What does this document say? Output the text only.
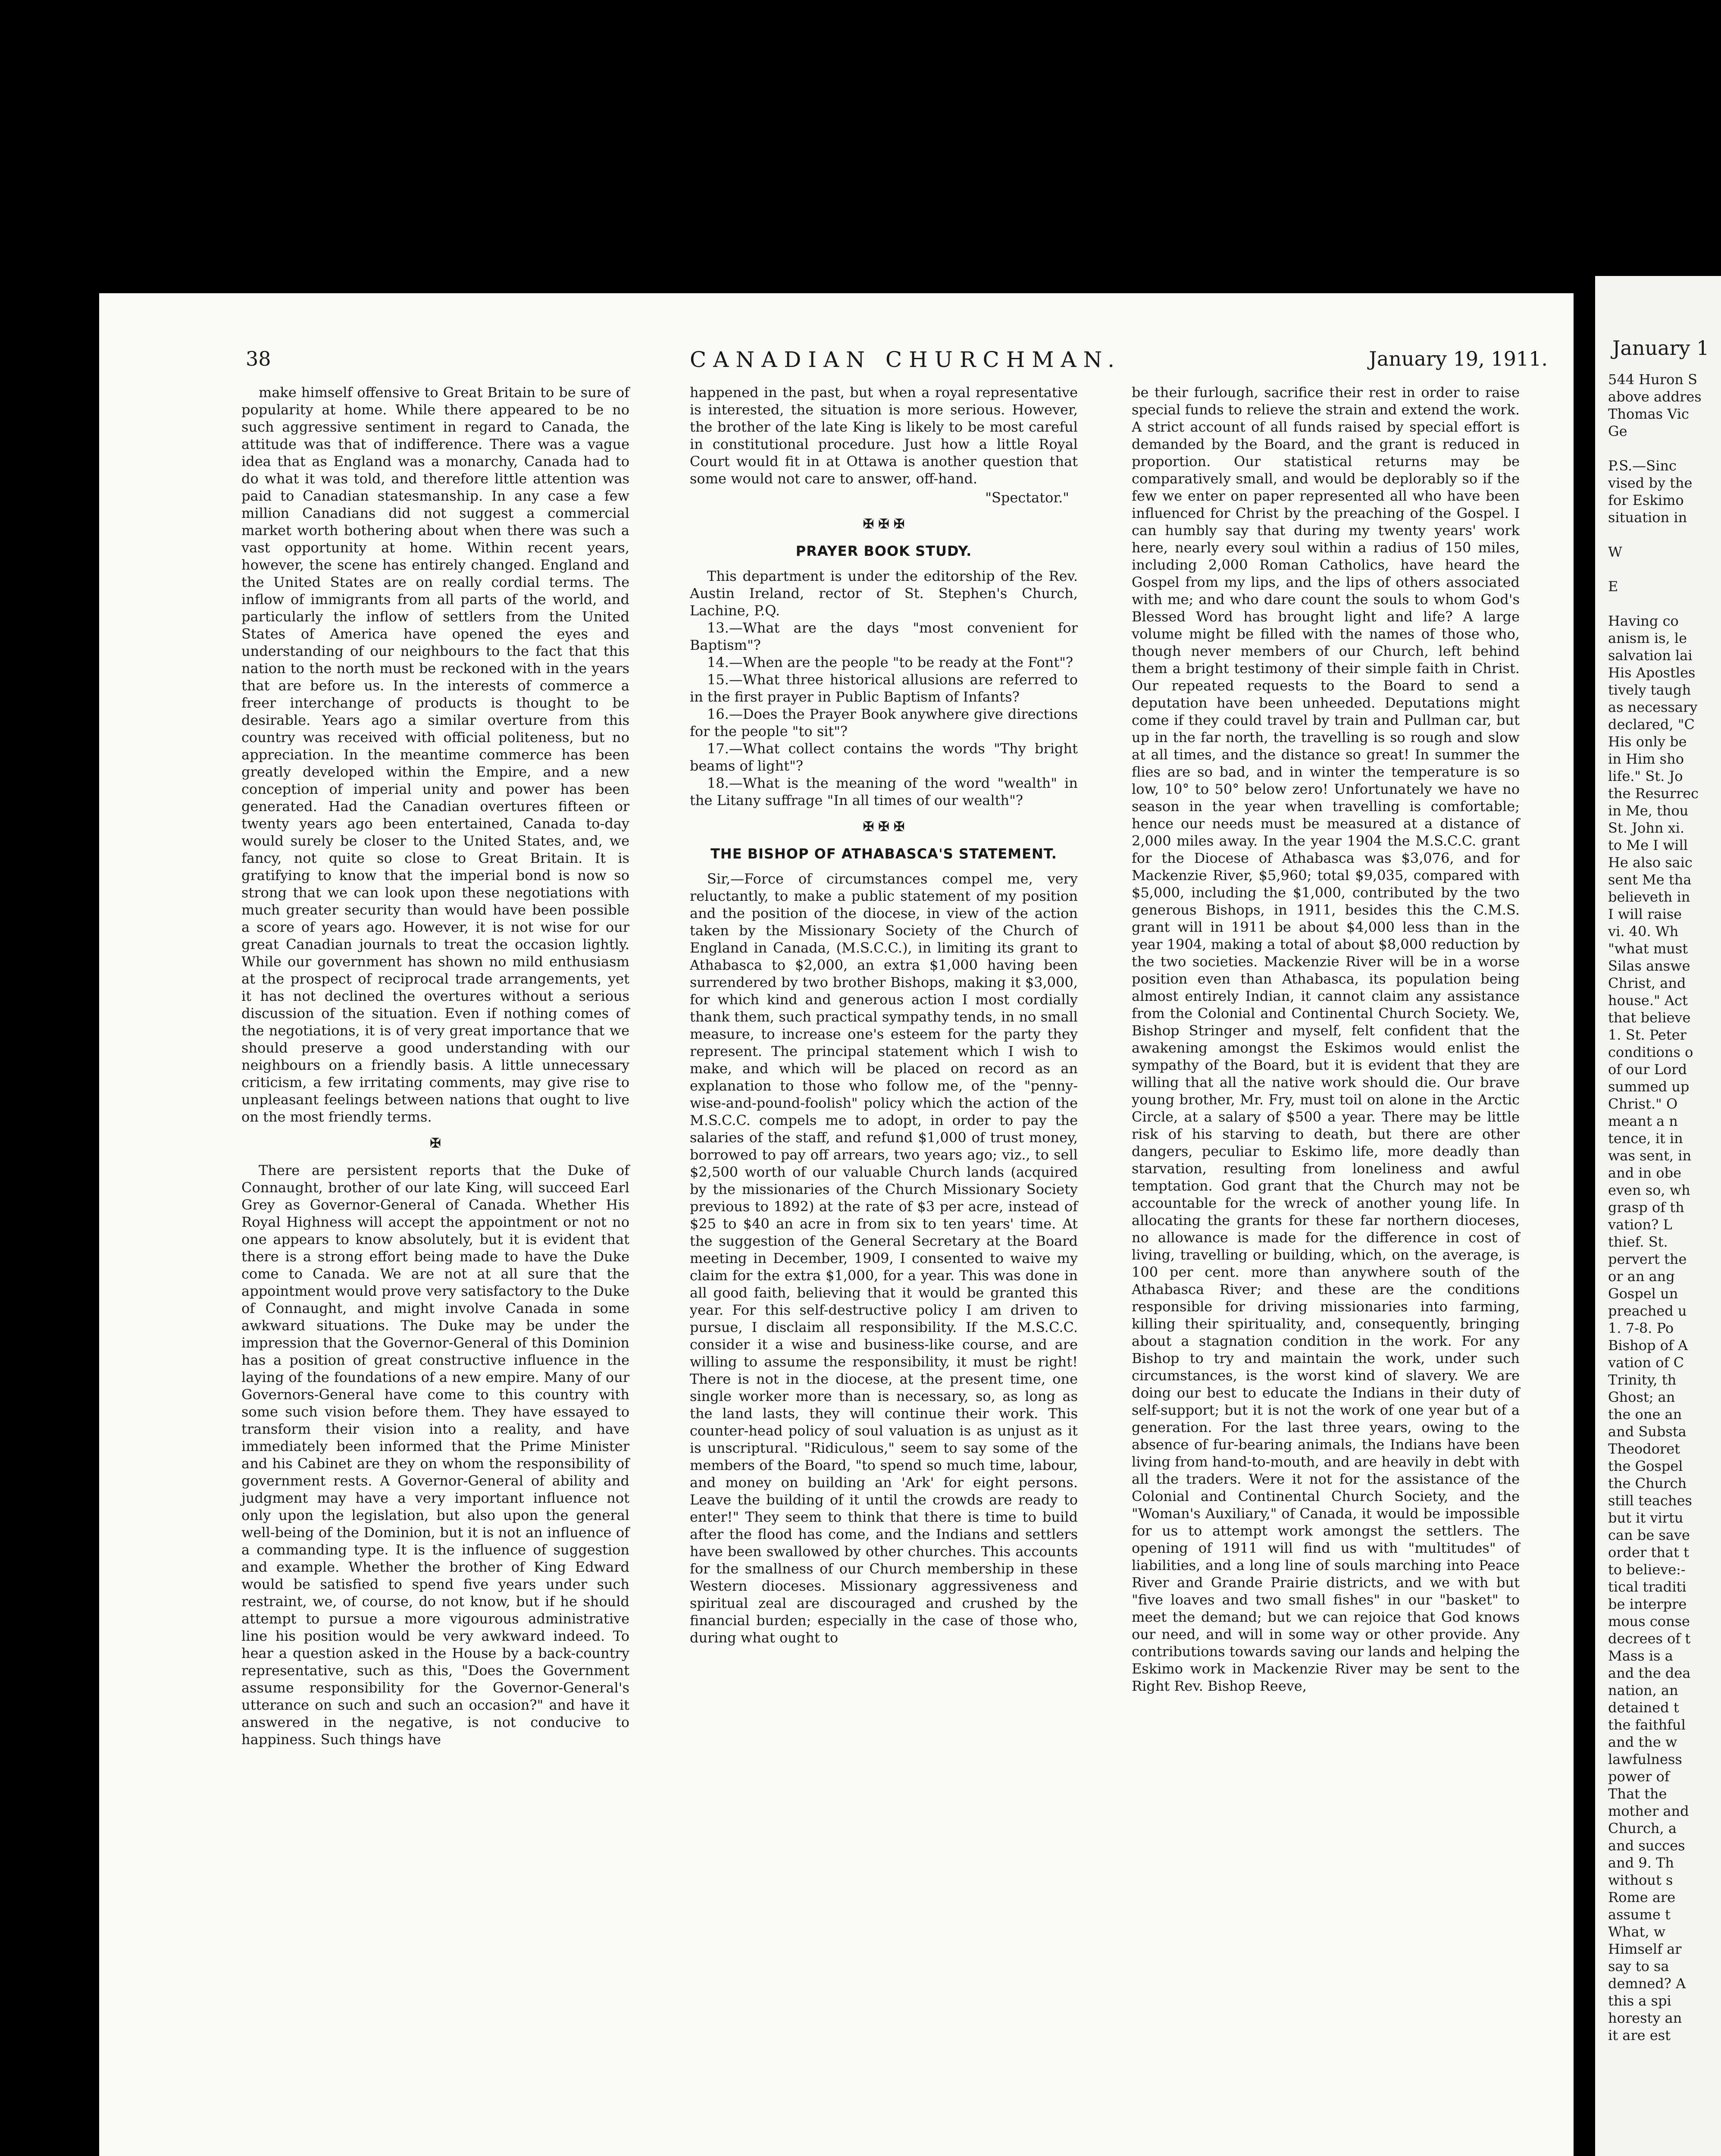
38	CANADIAN CHURCHMAN.	January 19, 1911.

make himself offensive to Great Britain to be sure of popularity at home. While there appeared to be no such aggressive sentiment in regard to Canada, the attitude was that of indifference. There was a vague idea that as England was a monarchy, Canada had to do what it was told, and therefore little attention was paid to Canadian statesmanship. In any case a few million Canadians did not suggest a commercial market worth bothering about when there was such a vast opportunity at home. Within recent years, however, the scene has entirely changed. England and the United States are on really cordial terms. The inflow of immigrants from all parts of the world, and particularly the inflow of settlers from the United States of America have opened the eyes and understanding of our neighbours to the fact that this nation to the north must be reckoned with in the years that are before us. In the interests of commerce a freer interchange of products is thought to be desirable. Years ago a similar overture from this country was received with official politeness, but no appreciation. In the meantime commerce has been greatly developed within the Empire, and a new conception of imperial unity and power has been generated. Had the Canadian overtures fifteen or twenty years ago been entertained, Canada to-day would surely be closer to the United States, and, we fancy, not quite so close to Great Britain. It is gratifying to know that the imperial bond is now so strong that we can look upon these negotiations with much greater security than would have been possible a score of years ago. However, it is not wise for our great Canadian journals to treat the occasion lightly. While our government has shown no mild enthusiasm at the prospect of reciprocal trade arrangements, yet it has not declined the overtures without a serious discussion of the situation. Even if nothing comes of the negotiations, it is of very great importance that we should preserve a good understanding with our neighbours on a friendly basis. A little unnecessary criticism, a few irritating comments, may give rise to unpleasant feelings between nations that ought to live on the most friendly terms.

✠

There are persistent reports that the Duke of Connaught, brother of our late King, will succeed Earl Grey as Governor-General of Canada. Whether His Royal Highness will accept the appointment or not no one appears to know absolutely, but it is evident that there is a strong effort being made to have the Duke come to Canada. We are not at all sure that the appointment would prove very satisfactory to the Duke of Connaught, and might involve Canada in some awkward situations. The Duke may be under the impression that the Governor-General of this Dominion has a position of great constructive influence in the laying of the foundations of a new empire. Many of our Governors-General have come to this country with some such vision before them. They have essayed to transform their vision into a reality, and have immediately been informed that the Prime Minister and his Cabinet are they on whom the responsibility of government rests. A Governor-General of ability and judgment may have a very important influence not only upon the legislation, but also upon the general well-being of the Dominion, but it is not an influence of a commanding type. It is the influence of suggestion and example. Whether the brother of King Edward would be satisfied to spend five years under such restraint, we, of course, do not know, but if he should attempt to pursue a more vigourous administrative line his position would be very awkward indeed. To hear a question asked in the House by a back-country representative, such as this, "Does the Government assume responsibility for the Governor-General's utterance on such and such an occasion?" and have it answered in the negative, is not conducive to happiness. Such things have

happened in the past, but when a royal representative is interested, the situation is more serious. However, the brother of the late King is likely to be most careful in constitutional procedure. Just how a little Royal Court would fit in at Ottawa is another question that some would not care to answer, off-hand.

"Spectator."
✠ ✠ ✠
PRAYER BOOK STUDY.

This department is under the editorship of the Rev. Austin Ireland, rector of St. Stephen's Church, Lachine, P.Q.

13.—What are the days "most convenient for Baptism"?

14.—When are the people "to be ready at the Font"?

15.—What three historical allusions are referred to in the first prayer in Public Baptism of Infants?

16.—Does the Prayer Book anywhere give directions for the people "to sit"?

17.—What collect contains the words "Thy bright beams of light"?

18.—What is the meaning of the word "wealth" in the Litany suffrage "In all times of our wealth"?

✠ ✠ ✠
THE BISHOP OF ATHABASCA'S STATEMENT.

Sir,—Force of circumstances compel me, very reluctantly, to make a public statement of my position and the position of the diocese, in view of the action taken by the Missionary Society of the Church of England in Canada, (M.S.C.C.), in limiting its grant to Athabasca to $2,000, an extra $1,000 having been surrendered by two brother Bishops, making it $3,000, for which kind and generous action I most cordially thank them, such practical sympathy tends, in no small measure, to increase one's esteem for the party they represent. The principal statement which I wish to make, and which will be placed on record as an explanation to those who follow me, of the "penny-wise-and-pound-foolish" policy which the action of the M.S.C.C. compels me to adopt, in order to pay the salaries of the staff, and refund $1,000 of trust money, borrowed to pay off arrears, two years ago; viz., to sell $2,500 worth of our valuable Church lands (acquired by the missionaries of the Church Missionary Society previous to 1892) at the rate of $3 per acre, instead of $25 to $40 an acre in from six to ten years' time. At the suggestion of the General Secretary at the Board meeting in December, 1909, I consented to waive my claim for the extra $1,000, for a year. This was done in all good faith, believing that it would be granted this year. For this self-destructive policy I am driven to pursue, I disclaim all responsibility. If the M.S.C.C. consider it a wise and business-like course, and are willing to assume the responsibility, it must be right! There is not in the diocese, at the present time, one single worker more than is necessary, so, as long as the land lasts, they will continue their work. This counter-head policy of soul valuation is as unjust as it is unscriptural. "Ridiculous," seem to say some of the members of the Board, "to spend so much time, labour, and money on building an 'Ark' for eight persons. Leave the building of it until the crowds are ready to enter!" They seem to think that there is time to build after the flood has come, and the Indians and settlers have been swallowed by other churches. This accounts for the smallness of our Church membership in these Western dioceses. Missionary aggressiveness and spiritual zeal are discouraged and crushed by the financial burden; especially in the case of those who, during what ought to

be their furlough, sacrifice their rest in order to raise special funds to relieve the strain and extend the work. A strict account of all funds raised by special effort is demanded by the Board, and the grant is reduced in proportion. Our statistical returns may be comparatively small, and would be deplorably so if the few we enter on paper represented all who have been influenced for Christ by the preaching of the Gospel. I can humbly say that during my twenty years' work here, nearly every soul within a radius of 150 miles, including 2,000 Roman Catholics, have heard the Gospel from my lips, and the lips of others associated with me; and who dare count the souls to whom God's Blessed Word has brought light and life? A large volume might be filled with the names of those who, though never members of our Church, left behind them a bright testimony of their simple faith in Christ. Our repeated requests to the Board to send a deputation have been unheeded. Deputations might come if they could travel by train and Pullman car, but up in the far north, the travelling is so rough and slow at all times, and the distance so great! In summer the flies are so bad, and in winter the temperature is so low, 10° to 50° below zero! Unfortunately we have no season in the year when travelling is comfortable; hence our needs must be measured at a distance of 2,000 miles away. In the year 1904 the M.S.C.C. grant for the Diocese of Athabasca was $3,076, and for Mackenzie River, $5,960; total $9,035, compared with $5,000, including the $1,000, contributed by the two generous Bishops, in 1911, besides this the C.M.S. grant will in 1911 be about $4,000 less than in the year 1904, making a total of about $8,000 reduction by the two societies. Mackenzie River will be in a worse position even than Athabasca, its population being almost entirely Indian, it cannot claim any assistance from the Colonial and Continental Church Society. We, Bishop Stringer and myself, felt confident that the awakening amongst the Eskimos would enlist the sympathy of the Board, but it is evident that they are willing that all the native work should die. Our brave young brother, Mr. Fry, must toil on alone in the Arctic Circle, at a salary of $500 a year. There may be little risk of his starving to death, but there are other dangers, peculiar to Eskimo life, more deadly than starvation, resulting from loneliness and awful temptation. God grant that the Church may not be accountable for the wreck of another young life. In allocating the grants for these far northern dioceses, no allowance is made for the difference in cost of living, travelling or building, which, on the average, is 100 per cent. more than anywhere south of the Athabasca River; and these are the conditions responsible for driving missionaries into farming, killing their spirituality, and, consequently, bringing about a stagnation condition in the work. For any Bishop to try and maintain the work, under such circumstances, is the worst kind of slavery. We are doing our best to educate the Indians in their duty of self-support; but it is not the work of one year but of a generation. For the last three years, owing to the absence of fur-bearing animals, the Indians have been living from hand-to-mouth, and are heavily in debt with all the traders. Were it not for the assistance of the Colonial and Continental Church Society, and the "Woman's Auxiliary," of Canada, it would be impossible for us to attempt work amongst the settlers. The opening of 1911 will find us with "multitudes" of liabilities, and a long line of souls marching into Peace River and Grande Prairie districts, and we with but "five loaves and two small fishes" in our "basket" to meet the demand; but we can rejoice that God knows our need, and will in some way or other provide. Any contributions towards saving our lands and helping the Eskimo work in Mackenzie River may be sent to the Right Rev. Bishop Reeve,

January 1
544 Huron S
above addres
Thomas Vic
Ge

P.S.—Sinc
vised by the
for Eskimo
situation in

W

E

Having co
anism is, le
salvation lai
His Apostles
tively taugh
as necessary
declared, "C
His only be
in Him sho
life." St. Jo
the Resurrec
in Me, thou
St. John xi.
to Me I will
He also saic
sent Me tha
believeth in
I will raise
vi. 40. Wh
"what must
Silas answe
Christ, and
house." Act
that believe
1. St. Peter
conditions o
of our Lord
summed up
Christ." O
meant a n
tence, it in
was sent, in
and in obe
even so, wh
grasp of th
vation? L
thief. St.
pervert the
or an ang
Gospel un
preached u
1. 7-8. Po
Bishop of A
vation of C
Trinity, th
Ghost; an
the one an
and Substa
Theodoret
the Gospel
the Church
still teaches
but it virtu
can be save
order that t
to believe:-
tical traditi
be interpre
mous conse
decrees of t
Mass is a
and the dea
nation, an
detained t
the faithful
and the w
lawfulness
power of
That the
mother and
Church, a
and succes
and 9. Th
without s
Rome are
assume t
What, w
Himself ar
say to sa
demned? A
this a spi
horesty an
it are est
